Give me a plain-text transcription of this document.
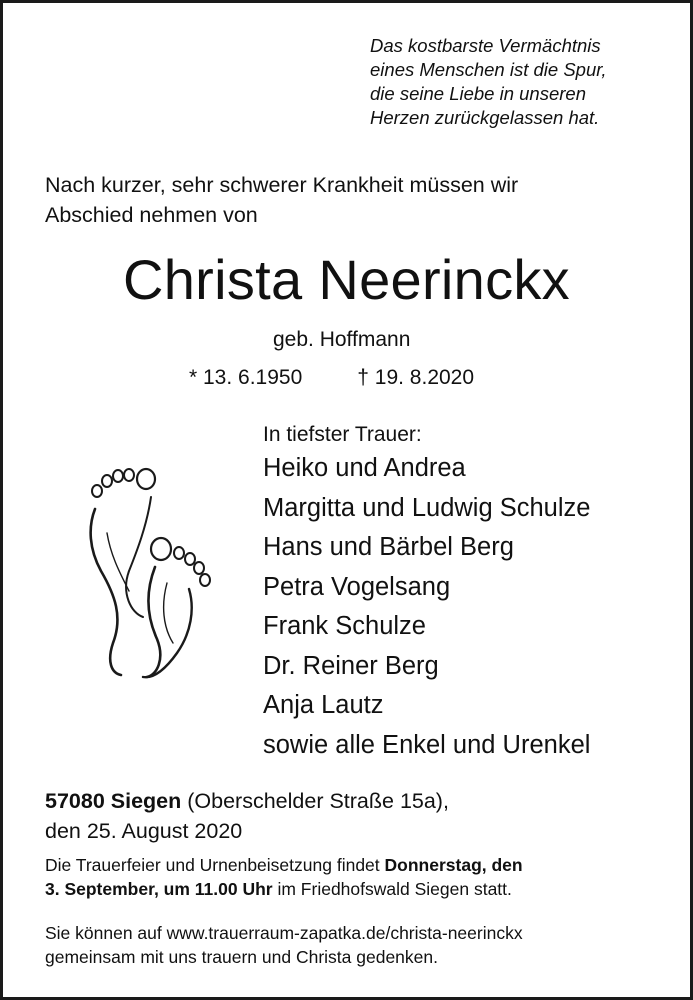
Das kostbarste Vermächtnis
eines Menschen ist die Spur,
die seine Liebe in unseren
Herzen zurückgelassen hat.
Nach kurzer, sehr schwerer Krankheit müssen wir
Abschied nehmen von
Christa Neerinckx
geb. Hoffmann
* 13. 6.1950	† 19. 8.2020
In tiefster Trauer:
Heiko und Andrea
Margitta und Ludwig Schulze
Hans und Bärbel Berg
Petra Vogelsang
Frank Schulze
Dr. Reiner Berg
Anja Lautz
sowie alle Enkel und Urenkel
57080 Siegen (Oberschelder Straße 15a),
den 25. August 2020
Die Trauerfeier und Urnenbeisetzung findet Donnerstag, den
3. September, um 11.00 Uhr im Friedhofswald Siegen statt.
Sie können auf www.trauerraum-zapatka.de/christa-neerinckx
gemeinsam mit uns trauern und Christa gedenken.
